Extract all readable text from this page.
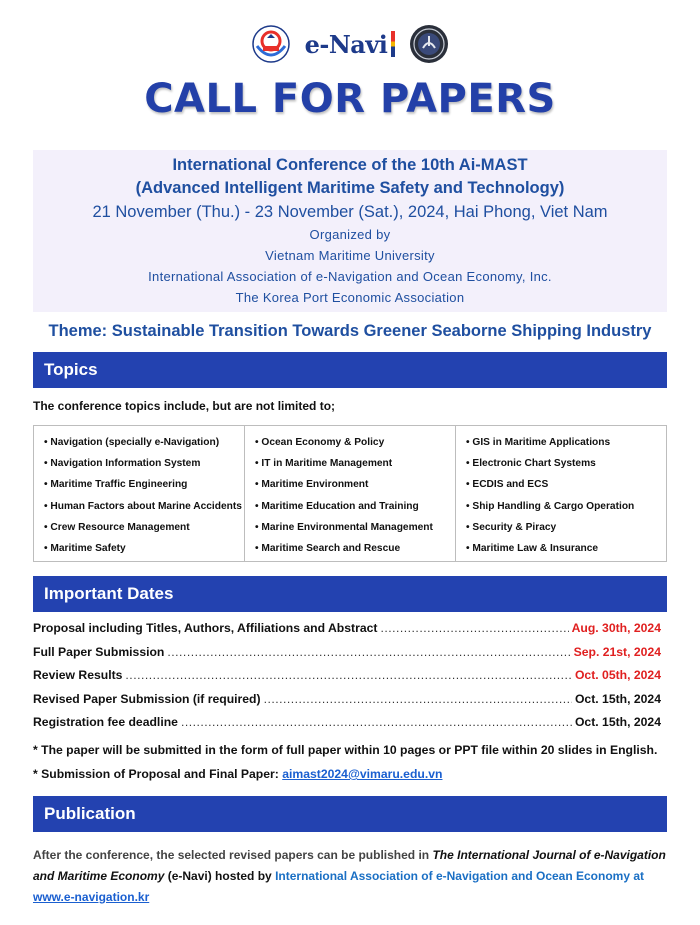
e-Navi
CALL FOR PAPERS
International Conference of the 10th Ai-MAST
(Advanced Intelligent Maritime Safety and Technology)
21 November (Thu.) - 23 November (Sat.), 2024, Hai Phong, Viet Nam
Organized by
Vietnam Maritime University
International Association of e-Navigation and Ocean Economy, Inc.
The Korea Port Economic Association
Theme: Sustainable Transition Towards Greener Seaborne Shipping Industry
Topics
The conference topics include, but are not limited to;
• Navigation (specially e-Navigation)
• Navigation Information System
• Maritime Traffic Engineering
• Human Factors about Marine Accidents
• Crew Resource Management
• Maritime Safety
• Ocean Economy & Policy
• IT in Maritime Management
• Maritime Environment
• Maritime Education and Training
• Marine Environmental Management
• Maritime Search and Rescue
• GIS in Maritime Applications
• Electronic Chart Systems
• ECDIS and ECS
• Ship Handling & Cargo Operation
• Security & Piracy
• Maritime Law & Insurance
Important Dates
Proposal including Titles, Authors, Affiliations and Abstract .....	Aug. 30th, 2024
Full Paper Submission .....	Sep. 21st, 2024
Review Results .....	Oct. 05th, 2024
Revised Paper Submission (if required) .....	Oct. 15th, 2024
Registration fee deadline .....	Oct. 15th, 2024
* The paper will be submitted in the form of full paper within 10 pages or PPT file within 20 slides in English.
* Submission of Proposal and Final Paper: aimast2024@vimaru.edu.vn
Publication
After the conference, the selected revised papers can be published in The International Journal of e-Navigation and Maritime Economy (e-Navi) hosted by International Association of e-Navigation and Ocean Economy at www.e-navigation.kr
